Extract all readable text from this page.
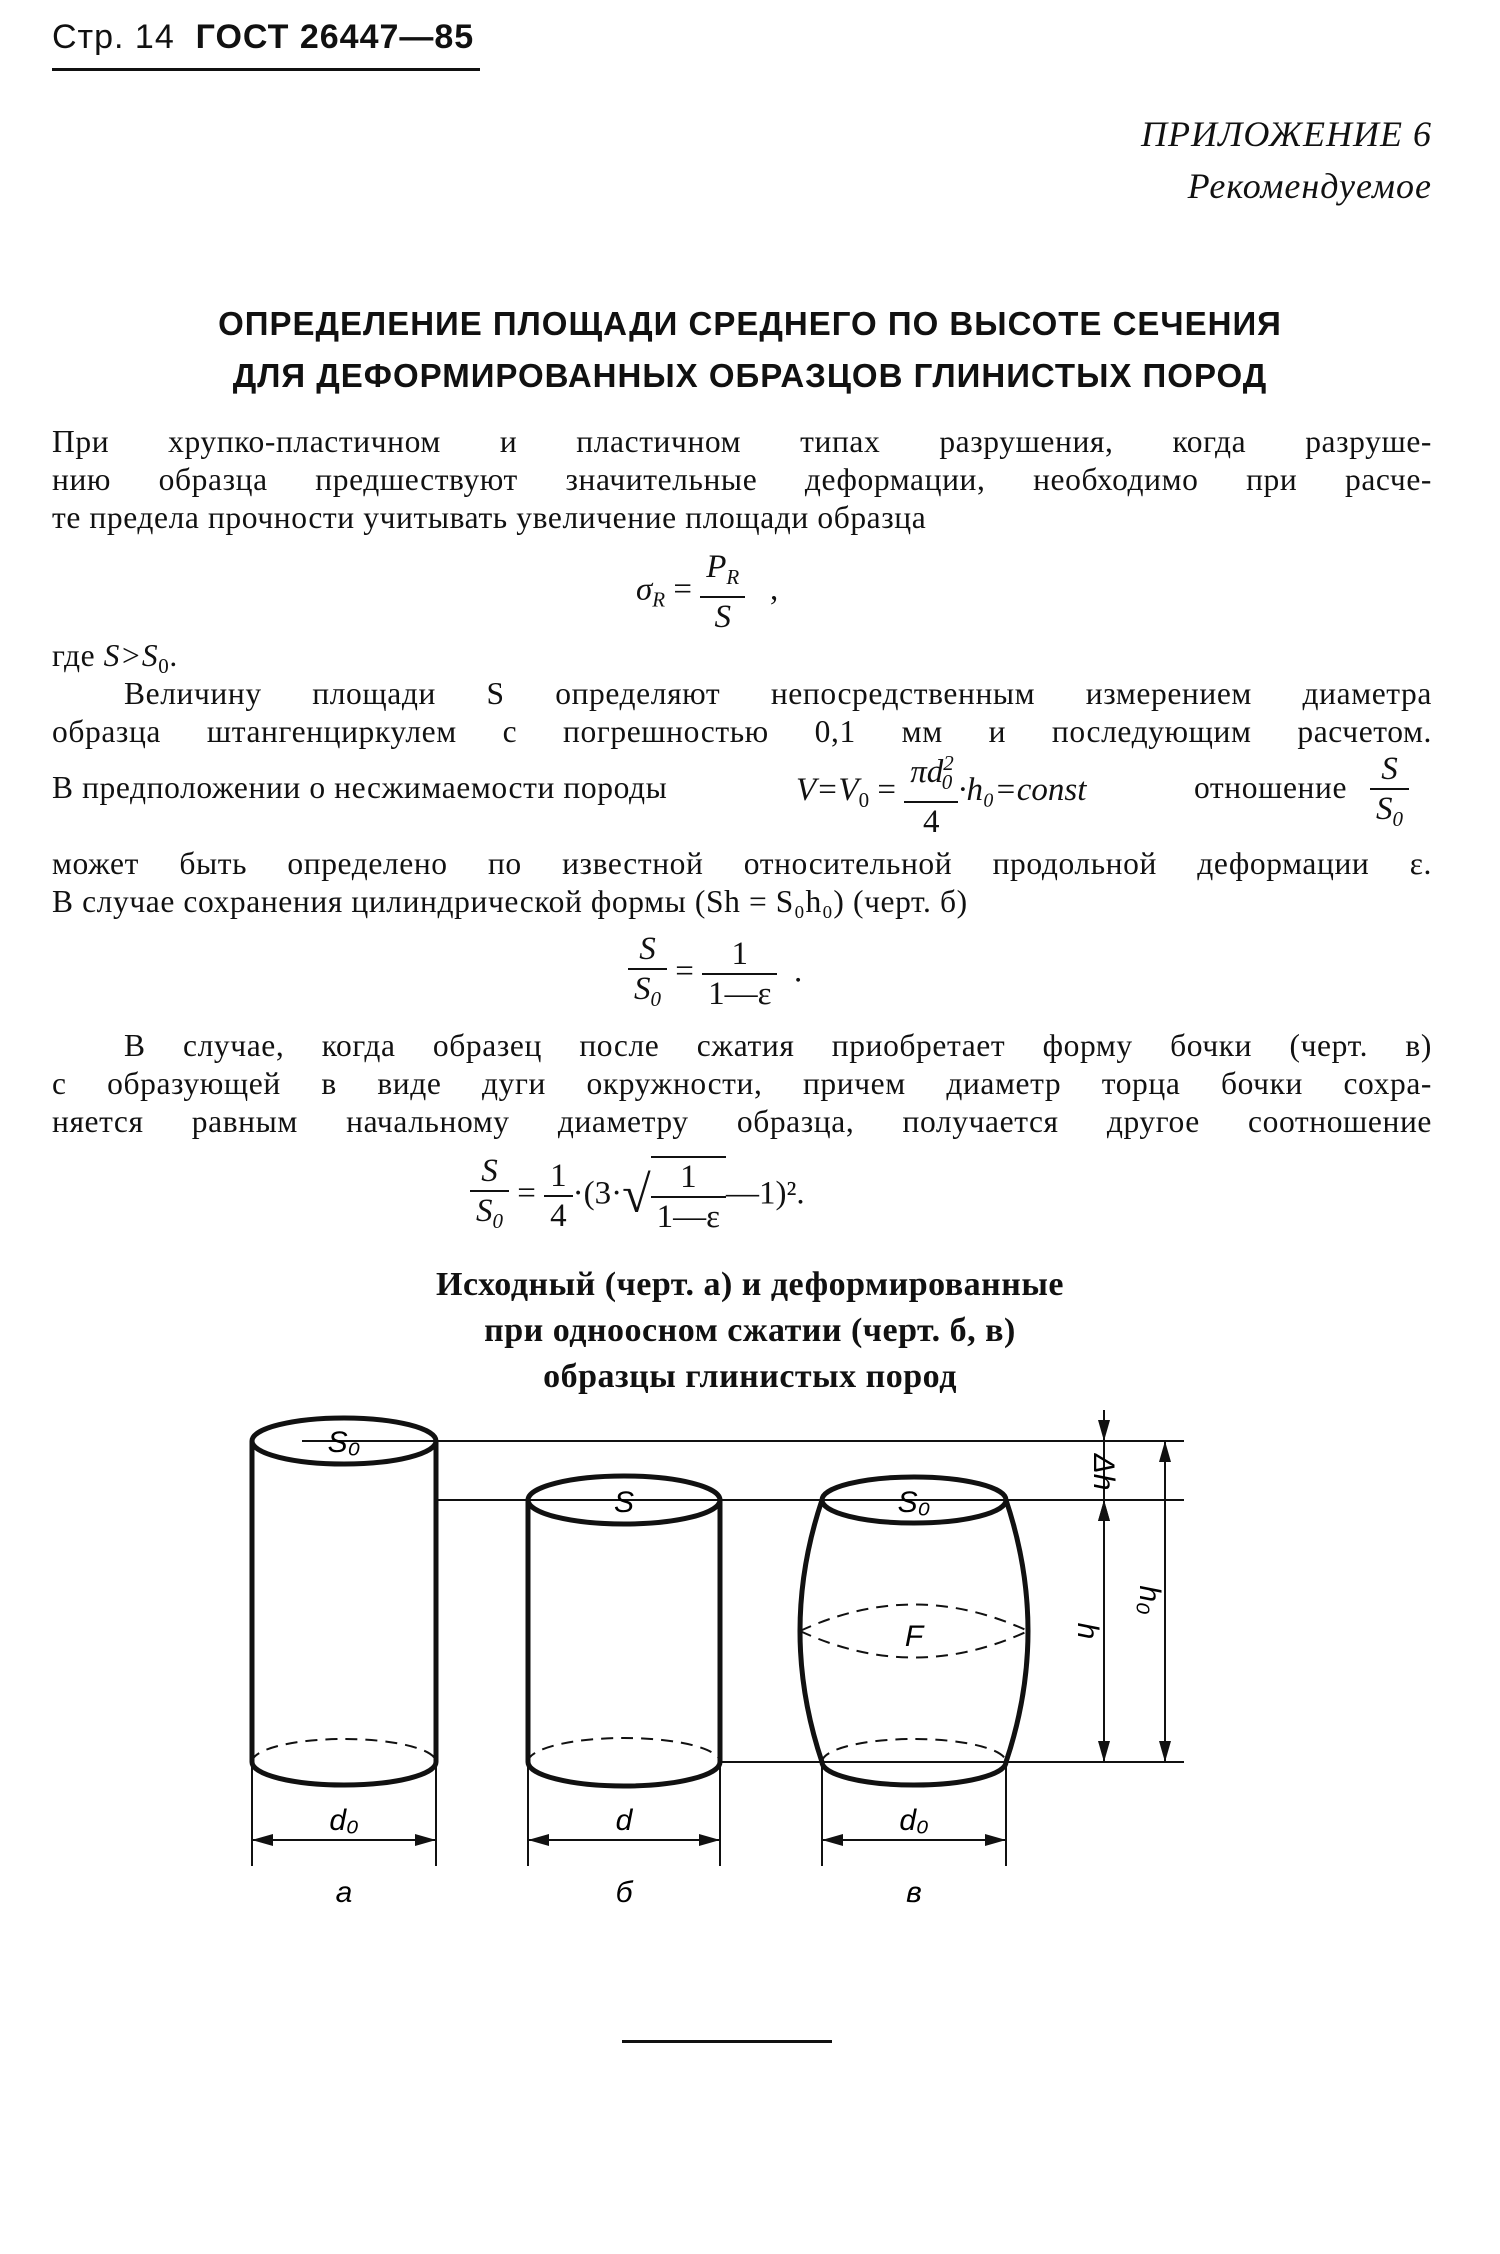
Стр. 14 ГОСТ 26447—85
ПРИЛОЖЕНИЕ 6
Рекомендуемое
ОПРЕДЕЛЕНИЕ ПЛОЩАДИ СРЕДНЕГО ПО ВЫСОТЕ СЕЧЕНИЯ
ДЛЯ ДЕФОРМИРОВАННЫХ ОБРАЗЦОВ ГЛИНИСТЫХ ПОРОД
При хрупко-пластичном и пластичном типах разрушения, когда разруше-
нию образца предшествуют значительные деформации, необходимо при расче-
те предела прочности учитывать увеличение площади образца
$\sigma_R = \frac{P_R}{S}$ ,
где $S>S_0$.
Величину площади S определяют непосредственным измерением диаметра
образца штангенциркулем с погрешностью 0,1 мм и последующим расчетом.
В предположении о несжимаемости породы	$V=V_0 = \frac{\pi d^2_0}{4}$ ·h₀=const	отношение $\frac{S}{S_0}$
может быть определено по известной относительной продольной деформации ε.
В случае сохранения цилиндрической формы (Sh = S₀h₀) (черт. б)
$\frac{S}{S_0} = \frac{1}{1—\varepsilon}$ .
В случае, когда образец после сжатия приобретает форму бочки (черт. в)
с образующей в виде дуги окружности, причем диаметр торца бочки сохра-
няется равным начальному диаметру образца, получается другое соотношение
$\frac{S}{S_0} = \frac{1}{4} \cdot(3\cdot√ \frac{1}{1—\varepsilon}$ —1)².
Исходный (черт. а) и деформированные
при одноосном сжатии (черт. б, в)
образцы глинистых пород
S₀
S	S₀
F
d₀	d	d₀
а	б	в
Δh
h
h₀
